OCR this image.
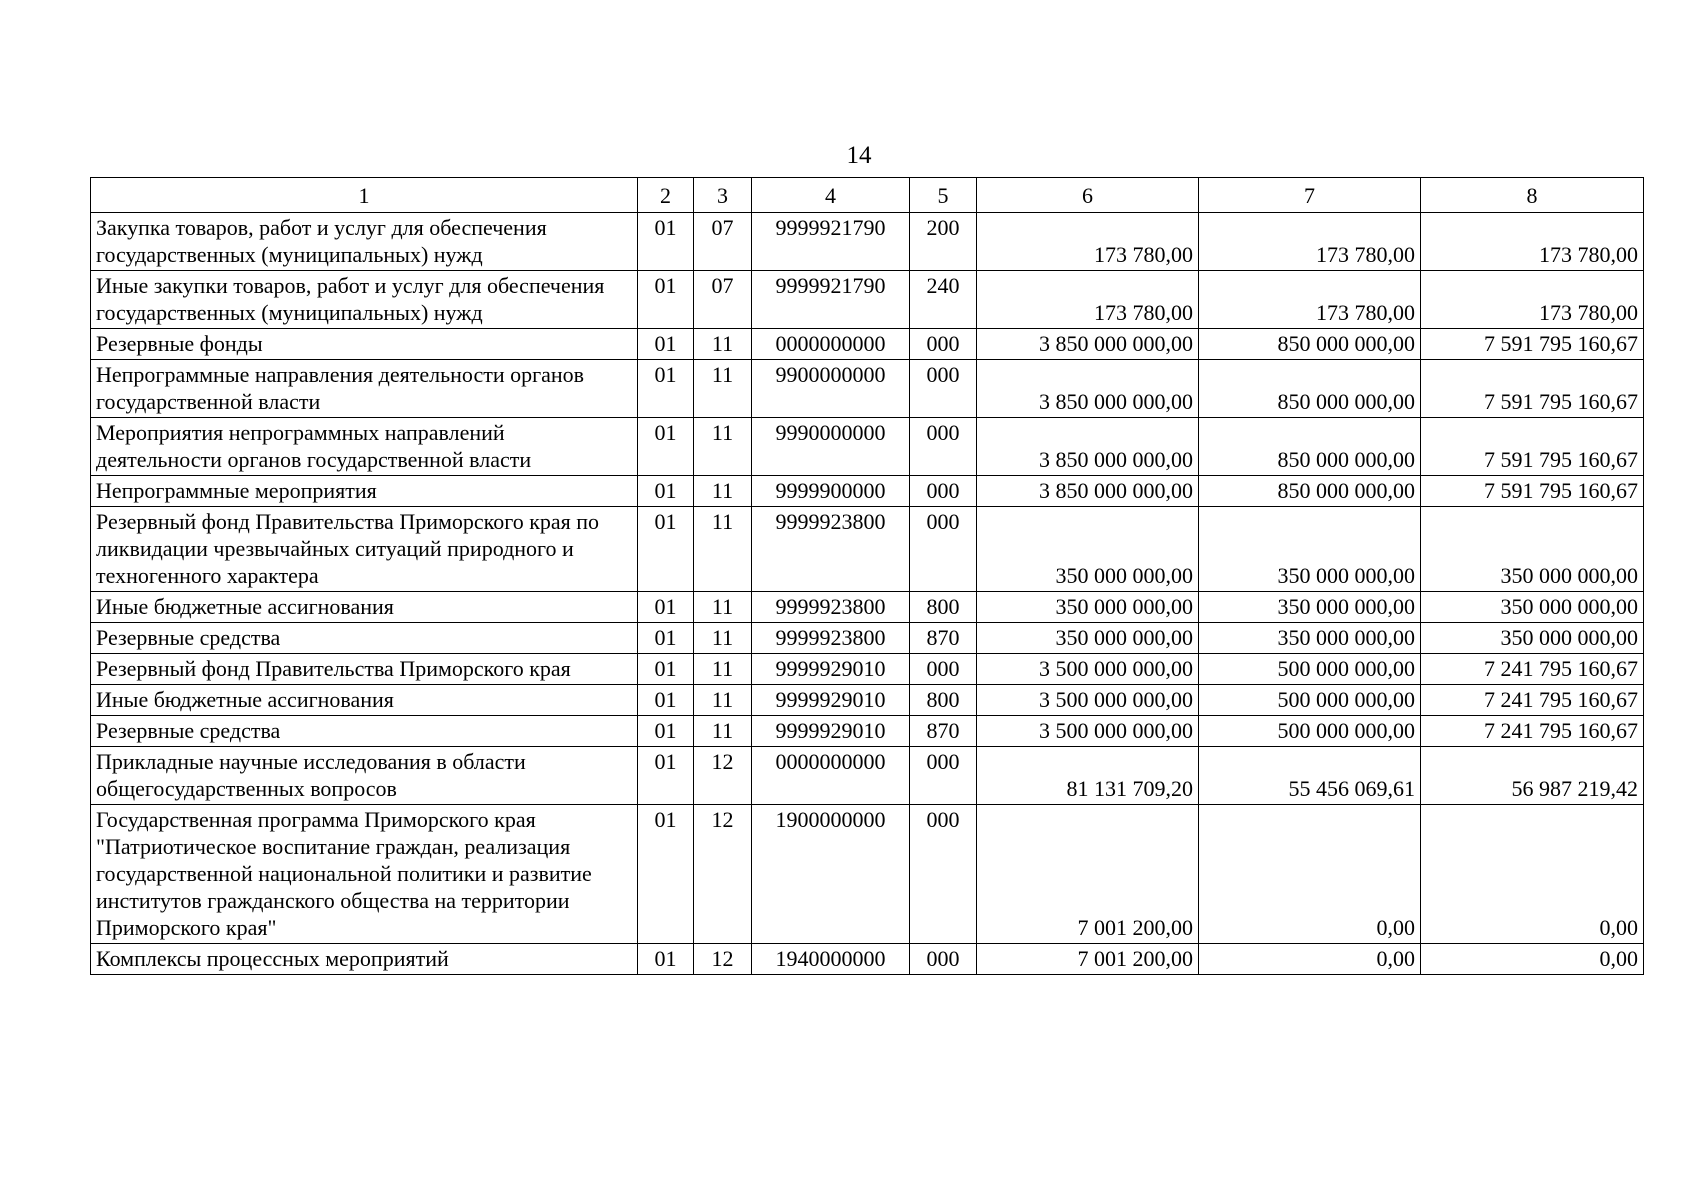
14
1	2	3	4	5	6	7	8
Закупка товаров, работ и услуг для обеспечения государственных (муниципальных) нужд	01	07	9999921790	200	173 780,00	173 780,00	173 780,00
Иные закупки товаров, работ и услуг для обеспечения государственных (муниципальных) нужд	01	07	9999921790	240	173 780,00	173 780,00	173 780,00
Резервные фонды	01	11	0000000000	000	3 850 000 000,00	850 000 000,00	7 591 795 160,67
Непрограммные направления деятельности органов государственной власти	01	11	9900000000	000	3 850 000 000,00	850 000 000,00	7 591 795 160,67
Мероприятия непрограммных направлений деятельности органов государственной власти	01	11	9990000000	000	3 850 000 000,00	850 000 000,00	7 591 795 160,67
Непрограммные мероприятия	01	11	9999900000	000	3 850 000 000,00	850 000 000,00	7 591 795 160,67
Резервный фонд Правительства Приморского края по ликвидации чрезвычайных ситуаций природного и техногенного характера	01	11	9999923800	000	350 000 000,00	350 000 000,00	350 000 000,00
Иные бюджетные ассигнования	01	11	9999923800	800	350 000 000,00	350 000 000,00	350 000 000,00
Резервные средства	01	11	9999923800	870	350 000 000,00	350 000 000,00	350 000 000,00
Резервный фонд Правительства Приморского края	01	11	9999929010	000	3 500 000 000,00	500 000 000,00	7 241 795 160,67
Иные бюджетные ассигнования	01	11	9999929010	800	3 500 000 000,00	500 000 000,00	7 241 795 160,67
Резервные средства	01	11	9999929010	870	3 500 000 000,00	500 000 000,00	7 241 795 160,67
Прикладные научные исследования в области общегосударственных вопросов	01	12	0000000000	000	81 131 709,20	55 456 069,61	56 987 219,42
Государственная программа Приморского края "Патриотическое воспитание граждан, реализация государственной национальной политики и развитие институтов гражданского общества на территории Приморского края"	01	12	1900000000	000	7 001 200,00	0,00	0,00
Комплексы процессных мероприятий	01	12	1940000000	000	7 001 200,00	0,00	0,00
